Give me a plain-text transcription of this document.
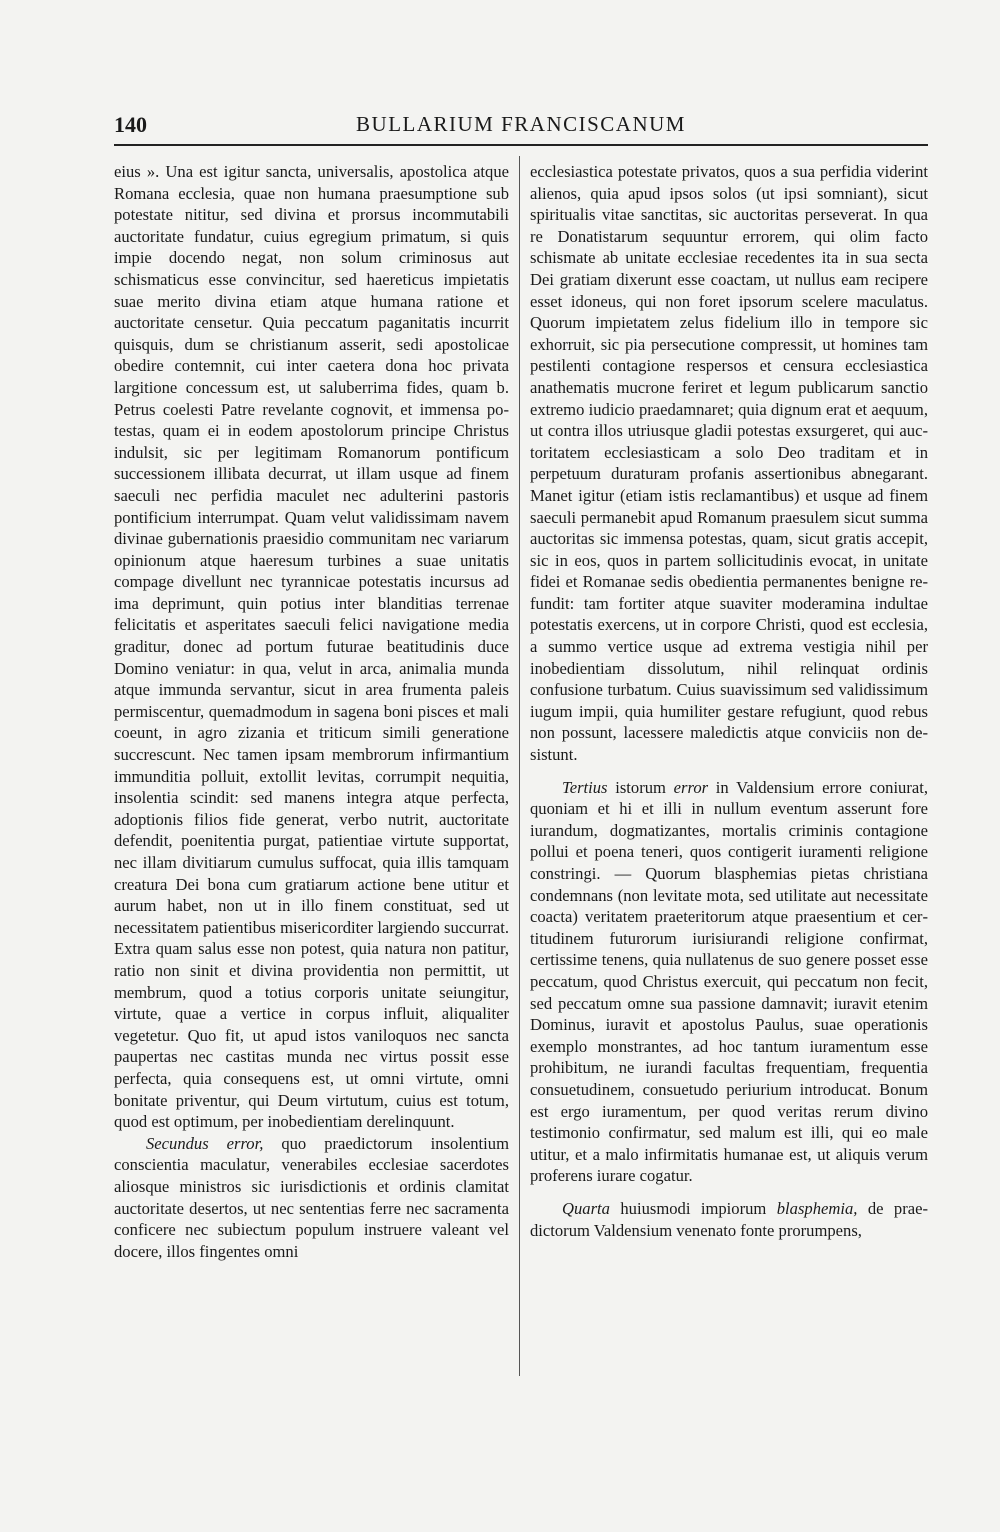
140	BULLARIUM FRANCISCANUM

eius ». Una est igitur sancta, universalis, apostolica atque Romana ecclesia, quae non humana praesumptione sub potestate nititur, sed divina et prorsus incommutabili auctoritate fundatur, cuius egregium primatum, si quis impie docendo negat, non solum criminosus aut schismaticus esse convincitur, sed haereticus impietatis suae merito divina etiam atque humana ratione et auctoritate censetur. Quia peccatum paganitatis incurrit quisquis, dum se christianum asserit, sedi apostolicae obedire contemnit, cui inter caetera dona hoc privata largitione concessum est, ut saluberrima fides, quam b. Petrus coelesti Patre revelante cognovit, et immensa potestas, quam ei in eodem apostolorum principe Christus indulsit, sic per legitimam Romanorum pontificum successionem illibata decurrat, ut illam usque ad finem saeculi nec perfidia maculet nec adulterini pastoris pontificium interrumpat. Quam velut validissimam navem divinae gubernationis praesidio communitam nec variarum opinionum atque haeresum turbines a suae unitatis compage divellunt nec tyrannicae potestatis incursus ad ima deprimunt, quin potius inter blanditias terrenae felicitatis et asperitates saeculi felici navigatione media graditur, donec ad portum futurae beatitudinis duce Domino veniatur: in qua, velut in arca, animalia munda atque immunda servantur, sicut in area frumenta paleis permiscentur, quemadmodum in sagena boni pisces et mali coeunt, in agro zizania et triticum simili generatione succrescunt. Nec tamen ipsam membrorum infirmantium immunditia polluit, extollit levitas, corrumpit nequitia, insolentia scindit: sed manens integra atque perfecta, adoptionis filios fide generat, verbo nutrit, auctoritate defendit, poenitentia purgat, patientiae virtute supportat, nec illam divitiarum cumulus suffocat, quia illis tamquam creatura Dei bona cum gratiarum actione bene utitur et aurum habet, non ut in illo finem constituat, sed ut necessitatem patientibus misericorditer largiendo succurrat. Extra quam salus esse non potest, quia natura non patitur, ratio non sinit et divina providentia non permittit, ut membrum, quod a totius corporis unitate seiungitur, virtute, quae a vertice in corpus influit, aliqualiter vegetetur. Quo fit, ut apud istos vaniloquos nec sancta paupertas nec castitas munda nec virtus possit esse perfecta, quia consequens est, ut omni virtute, omni bonitate priventur, qui Deum virtutum, cuius est totum, quod est optimum, per inobedientiam derelinquunt.

Secundus error, quo praedictorum insolentium conscientia maculatur, venerabiles ecclesiae sacerdotes aliosque ministros sic iurisdictionis et ordinis clamitat auctoritate desertos, ut nec sententias ferre nec sacramenta conficere nec subiectum populum instruere valeant vel docere, illos fingentes omni

ecclesiastica potestate privatos, quos a sua perfidia viderint alienos, quia apud ipsos solos (ut ipsi somniant), sicut spiritualis vitae sanctitas, sic auctoritas perseverat. In qua re Donatistarum sequuntur errorem, qui olim facto schismate ab unitate ecclesiae recedentes ita in sua secta Dei gratiam dixerunt esse coactam, ut nullus eam recipere esset idoneus, qui non foret ipsorum scelere maculatus. Quorum impietatem zelus fidelium illo in tempore sic exhorruit, sic pia persecutione compressit, ut homines tam pestilenti contagione respersos et censura ecclesiastica anathematis mucrone feriret et legum publicarum sanctio extremo iudicio praedamnaret; quia dignum erat et aequum, ut contra illos utriusque gladii potestas exsurgeret, qui auctoritatem ecclesiasticam a solo Deo traditam et in perpetuum duraturam profanis assertionibus abnegarant. Manet igitur (etiam istis reclamantibus) et usque ad finem saeculi permanebit apud Romanum praesulem sicut summa auctoritas sic immensa potestas, quam, sicut gratis accepit, sic in eos, quos in partem sollicitudinis evocat, in unitate fidei et Romanae sedis obedientia permanentes benigne refundit: tam fortiter atque suaviter moderamina indultae potestatis exercens, ut in corpore Christi, quod est ecclesia, a summo vertice usque ad extrema vestigia nihil per inobedientiam dissolutum, nihil relinquat ordinis confusione turbatum. Cuius suavissimum sed validissimum iugum impii, quia humiliter gestare refugiunt, quod rebus non possunt, lacessere maledictis atque conviciis non desistunt.

Tertius istorum error in Valdensium errore coniurat, quoniam et hi et illi in nullum eventum asserunt fore iurandum, dogmatizantes, mortalis criminis contagione pollui et poena teneri, quos contigerit iuramenti religione constringi. — Quorum blasphemias pietas christiana condemnans (non levitate mota, sed utilitate aut necessitate coacta) veritatem praeteritorum atque praesentium et certitudinem futurorum iurisiurandi religione confirmat, certissime tenens, quia nullatenus de suo genere posset esse peccatum, quod Christus exercuit, qui peccatum non fecit, sed peccatum omne sua passione damnavit; iuravit etenim Dominus, iuravit et apostolus Paulus, suae operationis exemplo monstrantes, ad hoc tantum iuramentum esse prohibitum, ne iurandi facultas frequentiam, frequentia consuetudinem, consuetudo periurium introducat. Bonum est ergo iuramentum, per quod veritas rerum divino testimonio confirmatur, sed malum est illi, qui eo male utitur, et a malo infirmitatis humanae est, ut aliquis verum proferens iurare cogatur.

Quarta huiusmodi impiorum blasphemia, de praedictorum Valdensium venenato fonte prorumpens,
